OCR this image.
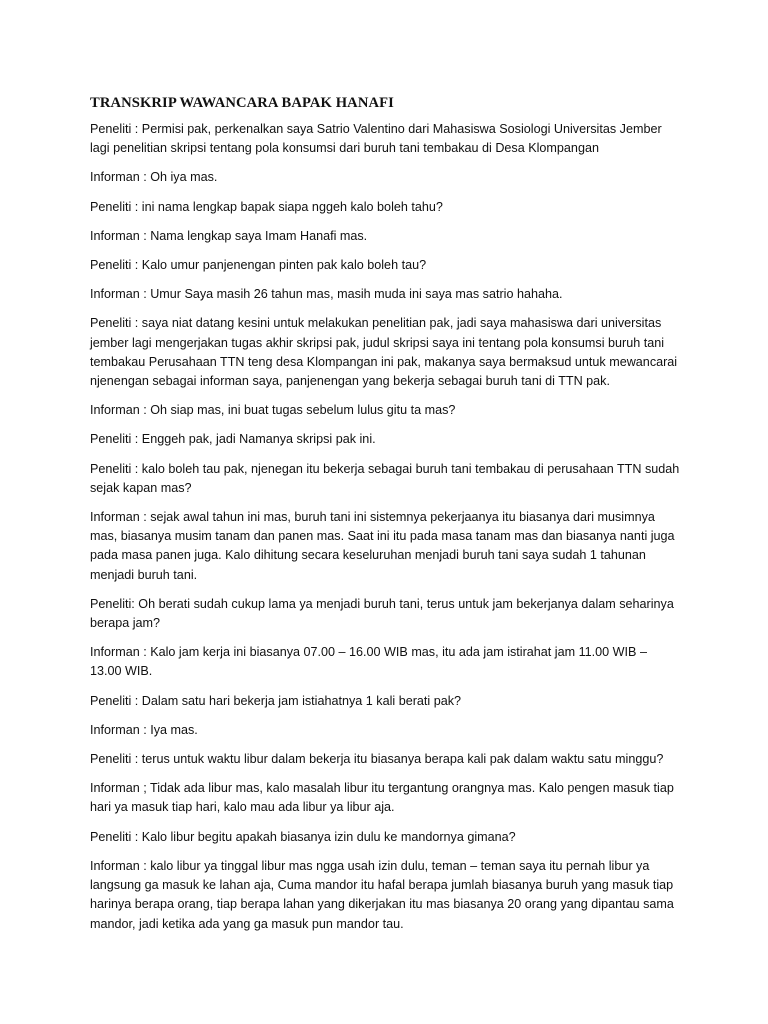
TRANSKRIP WAWANCARA BAPAK HANAFI

Peneliti : Permisi pak, perkenalkan saya Satrio Valentino dari Mahasiswa Sosiologi Universitas Jember lagi penelitian skripsi tentang pola konsumsi dari buruh tani tembakau di Desa Klompangan

Informan : Oh iya mas.

Peneliti : ini nama lengkap bapak siapa nggeh kalo boleh tahu?

Informan : Nama lengkap saya Imam Hanafi mas.

Peneliti : Kalo umur panjenengan pinten pak kalo boleh tau?

Informan : Umur Saya masih 26 tahun mas, masih muda ini saya mas satrio hahaha.

Peneliti : saya niat datang kesini untuk melakukan penelitian pak, jadi saya mahasiswa dari universitas jember lagi mengerjakan tugas akhir skripsi pak, judul skripsi saya ini tentang pola konsumsi buruh tani tembakau Perusahaan TTN teng desa Klompangan ini pak, makanya saya bermaksud untuk mewancarai njenengan sebagai informan saya, panjenengan yang bekerja sebagai buruh tani di TTN pak.

Informan : Oh siap mas, ini buat tugas sebelum lulus gitu ta mas?

Peneliti : Enggeh pak, jadi Namanya skripsi pak ini.

Peneliti : kalo boleh tau pak, njenegan itu bekerja sebagai buruh tani tembakau di perusahaan TTN sudah sejak kapan mas?

Informan : sejak awal tahun ini mas, buruh tani ini sistemnya pekerjaanya itu biasanya dari musimnya mas, biasanya musim tanam dan panen mas. Saat ini itu pada masa tanam mas dan biasanya nanti juga pada masa panen juga. Kalo dihitung secara keseluruhan menjadi buruh tani saya sudah 1 tahunan menjadi buruh tani.

Peneliti: Oh berati sudah cukup lama ya menjadi buruh tani, terus untuk jam bekerjanya dalam seharinya berapa jam?

Informan : Kalo jam kerja ini biasanya 07.00 – 16.00 WIB mas, itu ada jam istirahat jam 11.00 WIB – 13.00 WIB.

Peneliti : Dalam satu hari bekerja jam istiahatnya 1 kali berati pak?

Informan : Iya mas.

Peneliti : terus untuk waktu libur dalam bekerja itu biasanya berapa kali pak dalam waktu satu minggu?

Informan ; Tidak ada libur mas, kalo masalah libur itu tergantung orangnya mas. Kalo pengen masuk tiap hari ya masuk tiap hari, kalo mau ada libur ya libur aja.

Peneliti : Kalo libur begitu apakah biasanya izin dulu ke mandornya gimana?

Informan : kalo libur ya tinggal libur mas ngga usah izin dulu, teman – teman saya itu pernah libur ya langsung ga masuk ke lahan aja, Cuma mandor itu hafal berapa jumlah biasanya buruh yang masuk tiap harinya berapa orang, tiap berapa lahan yang dikerjakan itu mas biasanya 20 orang yang dipantau sama mandor, jadi ketika ada yang ga masuk pun mandor tau.
